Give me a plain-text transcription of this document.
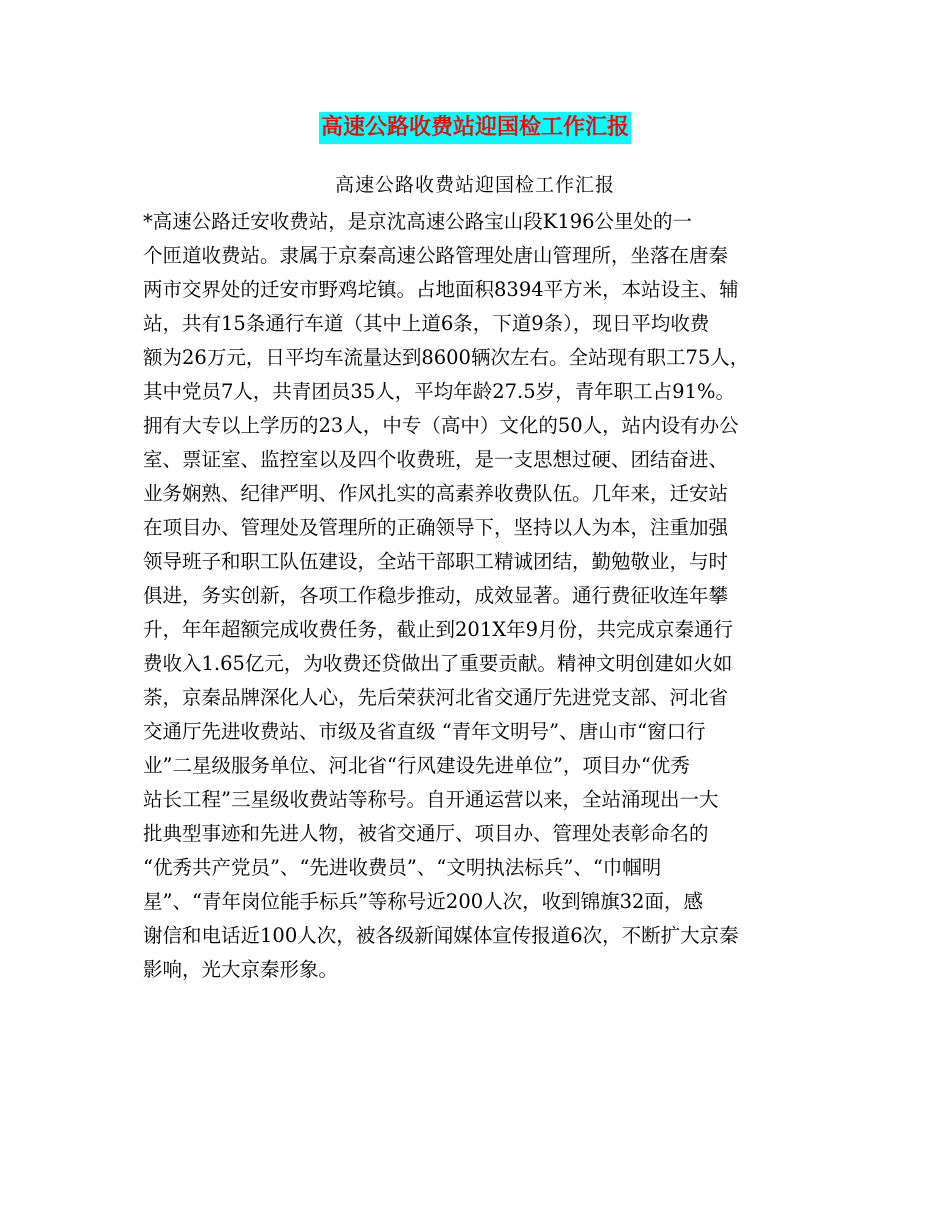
高速公路收费站迎国检工作汇报
高速公路收费站迎国检工作汇报
*高速公路迁安收费站，是京沈高速公路宝山段K196公里处的一
个匝道收费站。隶属于京秦高速公路管理处唐山管理所，坐落在唐秦
两市交界处的迁安市野鸡坨镇。占地面积8394平方米，本站设主、辅
站，共有15条通行车道（其中上道6条，下道9条），现日平均收费
额为26万元，日平均车流量达到8600辆次左右。全站现有职工75人，
其中党员7人，共青团员35人，平均年龄27.5岁，青年职工占91%。
拥有大专以上学历的23人，中专（高中）文化的50人，站内设有办公
室、票证室、监控室以及四个收费班，是一支思想过硬、团结奋进、
业务娴熟、纪律严明、作风扎实的高素养收费队伍。几年来，迁安站
在项目办、管理处及管理所的正确领导下，坚持以人为本，注重加强
领导班子和职工队伍建设，全站干部职工精诚团结，勤勉敬业，与时
俱进，务实创新，各项工作稳步推动，成效显著。通行费征收连年攀
升，年年超额完成收费任务，截止到201X年9月份，共完成京秦通行
费收入1.65亿元，为收费还贷做出了重要贡献。精神文明创建如火如
荼，京秦品牌深化人心，先后荣获河北省交通厅先进党支部、河北省
交通厅先进收费站、市级及省直级 “青年文明号”、唐山市“窗口行
业”二星级服务单位、河北省“行风建设先进单位”，项目办“优秀
站长工程”三星级收费站等称号。自开通运营以来，全站涌现出一大
批典型事迹和先进人物，被省交通厅、项目办、管理处表彰命名的
“优秀共产党员”、“先进收费员”、“文明执法标兵”、“巾帼明
星”、“青年岗位能手标兵”等称号近200人次，收到锦旗32面，感
谢信和电话近100人次，被各级新闻媒体宣传报道6次，不断扩大京秦
影响，光大京秦形象。
